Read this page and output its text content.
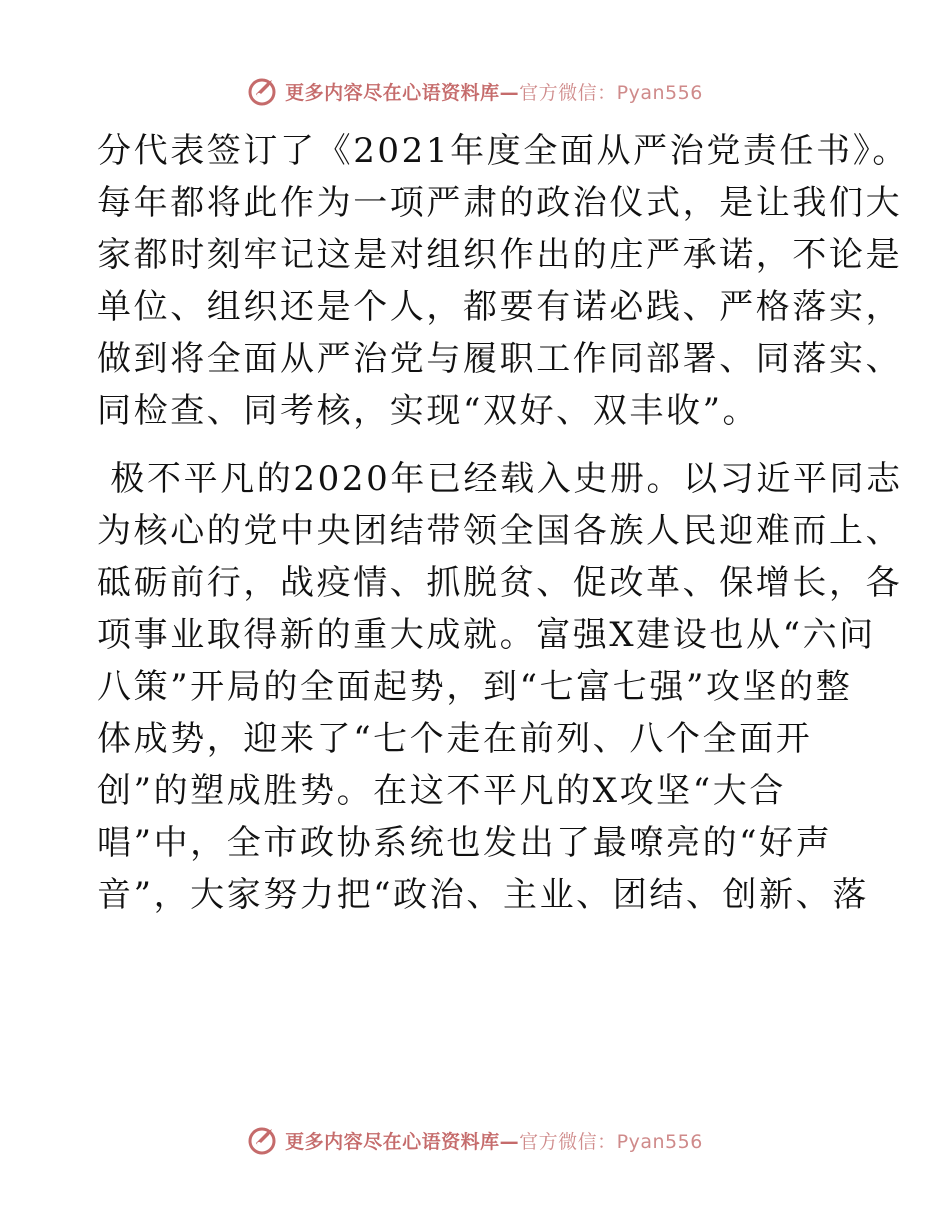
更多内容尽在心语资料库—官方微信：Pyan556
分代表签订了《2021年度全面从严治党责任书》。
每年都将此作为一项严肃的政治仪式，是让我们大
家都时刻牢记这是对组织作出的庄严承诺，不论是
单位、组织还是个人，都要有诺必践、严格落实，
做到将全面从严治党与履职工作同部署、同落实、
同检查、同考核，实现“双好、双丰收”。
极不平凡的2020年已经载入史册。以习近平同志
为核心的党中央团结带领全国各族人民迎难而上、
砥砺前行，战疫情、抓脱贫、促改革、保增长，各
项事业取得新的重大成就。富强X建设也从“六问
八策”开局的全面起势，到“七富七强”攻坚的整
体成势，迎来了“七个走在前列、八个全面开
创”的塑成胜势。在这不平凡的X攻坚“大合
唱”中，全市政协系统也发出了最嘹亮的“好声
音”，大家努力把“政治、主业、团结、创新、落
更多内容尽在心语资料库—官方微信：Pyan556
